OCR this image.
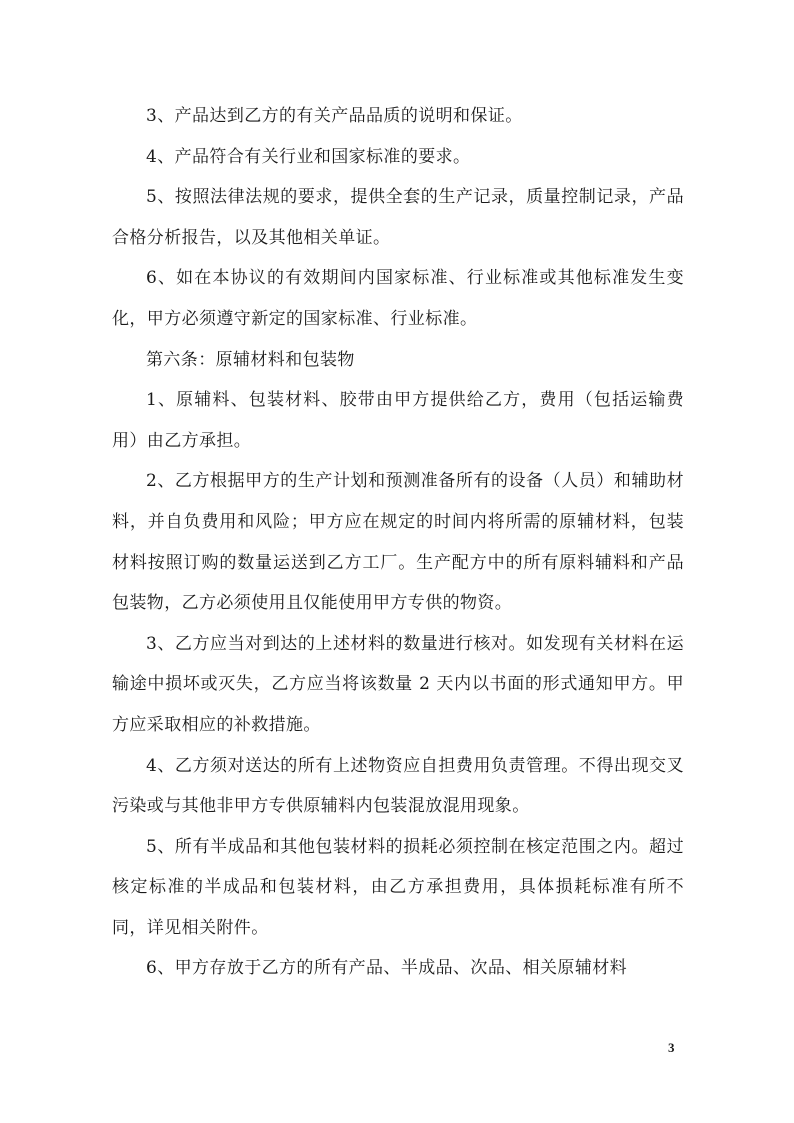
3、产品达到乙方的有关产品品质的说明和保证。

4、产品符合有关行业和国家标准的要求。

5、按照法律法规的要求，提供全套的生产记录，质量控制记录，产品合格分析报告，以及其他相关单证。

6、如在本协议的有效期间内国家标准、行业标准或其他标准发生变化，甲方必须遵守新定的国家标准、行业标准。

第六条：原辅材料和包装物

1、原辅料、包装材料、胶带由甲方提供给乙方，费用（包括运输费用）由乙方承担。

2、乙方根据甲方的生产计划和预测准备所有的设备（人员）和辅助材料，并自负费用和风险；甲方应在规定的时间内将所需的原辅材料，包装材料按照订购的数量运送到乙方工厂。生产配方中的所有原料辅料和产品包装物，乙方必须使用且仅能使用甲方专供的物资。

3、乙方应当对到达的上述材料的数量进行核对。如发现有关材料在运输途中损坏或灭失，乙方应当将该数量 2 天内以书面的形式通知甲方。甲方应采取相应的补救措施。

4、乙方须对送达的所有上述物资应自担费用负责管理。不得出现交叉污染或与其他非甲方专供原辅料内包装混放混用现象。

5、所有半成品和其他包装材料的损耗必须控制在核定范围之内。超过核定标准的半成品和包装材料，由乙方承担费用，具体损耗标准有所不同，详见相关附件。

6、甲方存放于乙方的所有产品、半成品、次品、相关原辅材料

3
